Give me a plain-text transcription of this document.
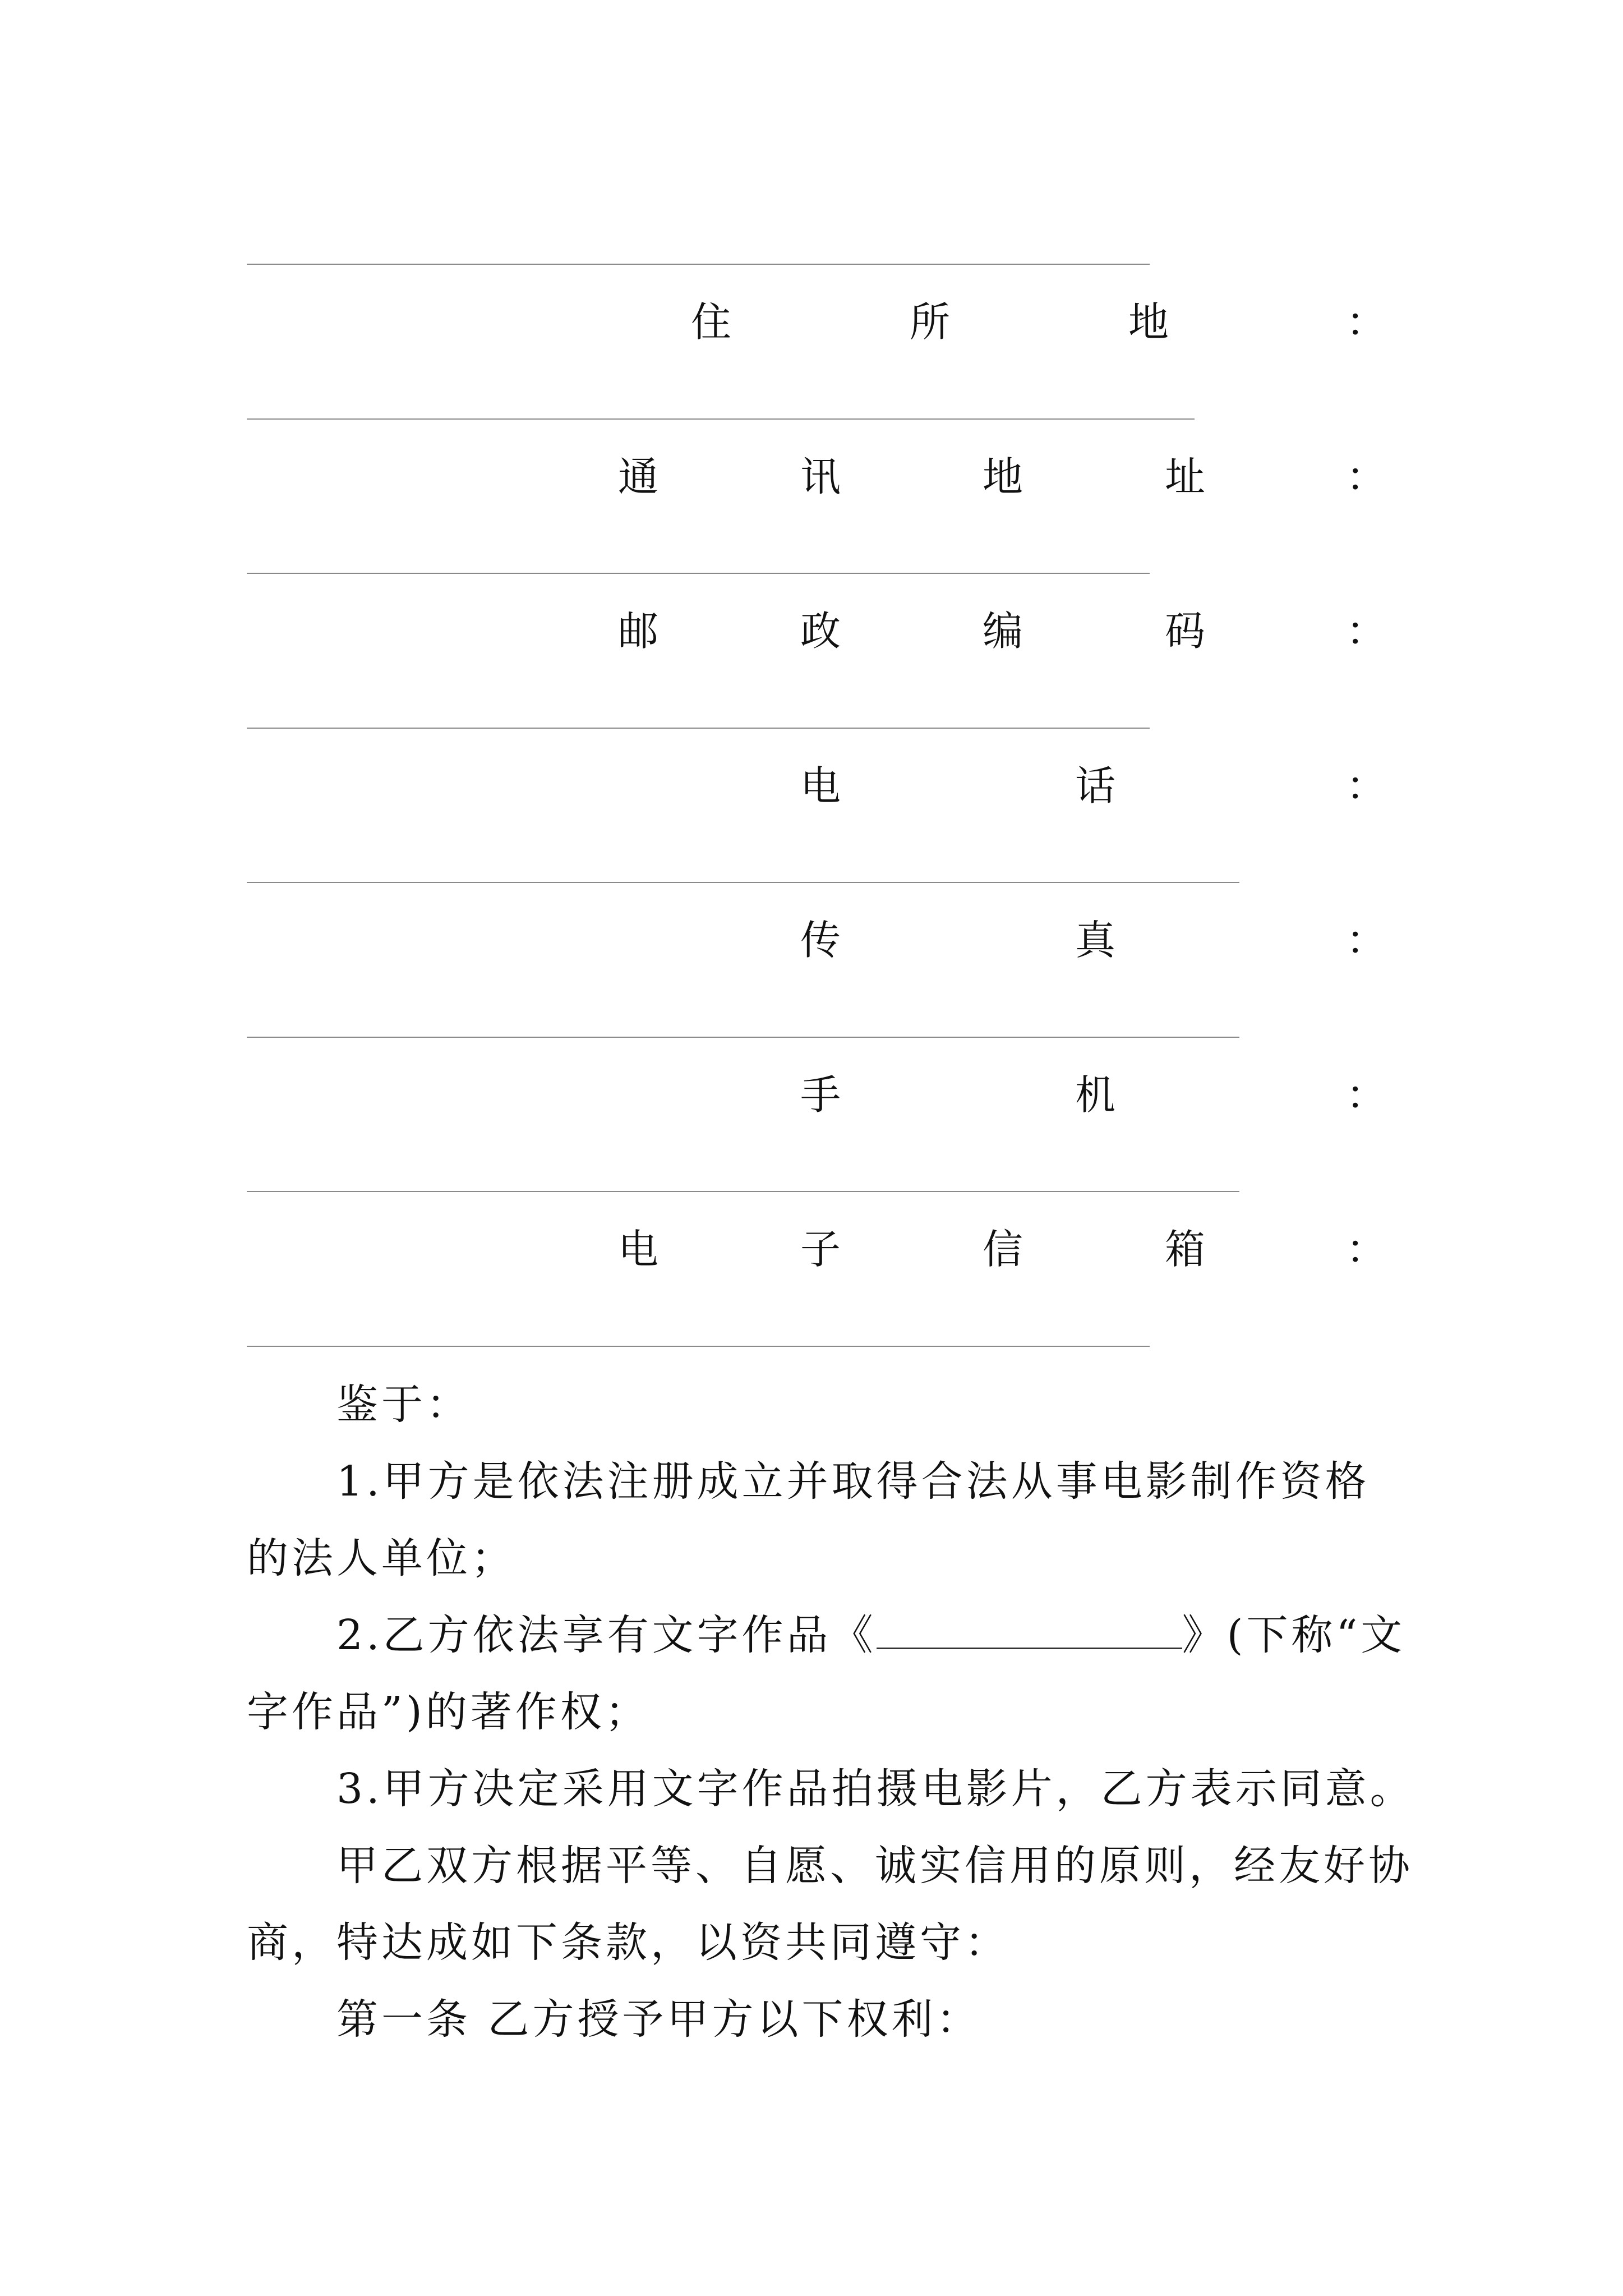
住	所	地	：
通	讯	地	址	：
邮	政	编	码	：
电	话	：
传	真	：
手	机	：
电	子	信	箱	：
鉴于：
1.甲方是依法注册成立并取得合法从事电影制作资格
的法人单位；
2.乙方依法享有文字作品《	》(下称“文
字作品”)的著作权；
3.甲方决定采用文字作品拍摄电影片，乙方表示同意。
甲乙双方根据平等、自愿、诚实信用的原则，经友好协
商，特达成如下条款，以资共同遵守：
第一条 乙方授予甲方以下权利：
